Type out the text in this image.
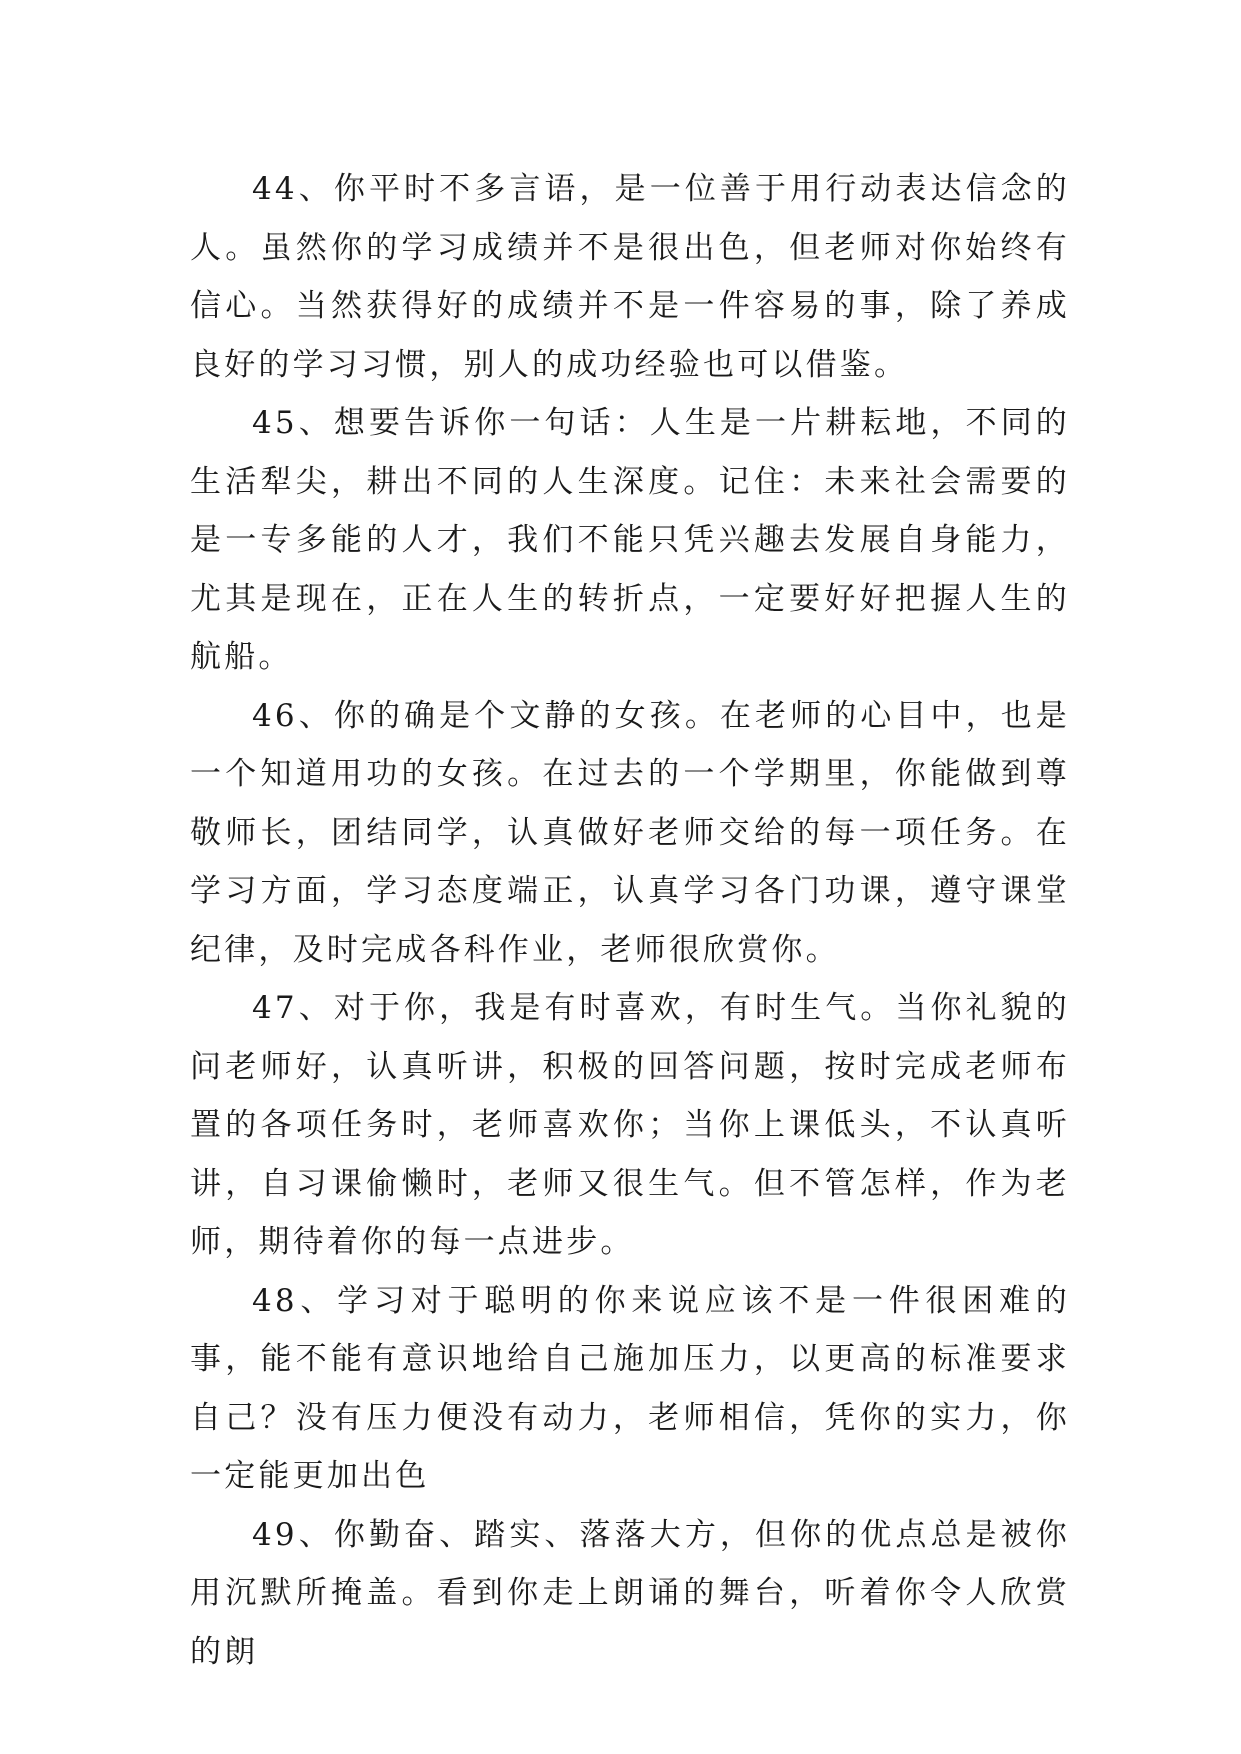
44、你平时不多言语，是一位善于用行动表达信念的人。虽然你的学习成绩并不是很出色，但老师对你始终有信心。当然获得好的成绩并不是一件容易的事，除了养成良好的学习习惯，别人的成功经验也可以借鉴。

45、想要告诉你一句话：人生是一片耕耘地，不同的生活犁尖，耕出不同的人生深度。记住：未来社会需要的是一专多能的人才，我们不能只凭兴趣去发展自身能力，尤其是现在，正在人生的转折点，一定要好好把握人生的航船。

46、你的确是个文静的女孩。在老师的心目中，也是一个知道用功的女孩。在过去的一个学期里，你能做到尊敬师长，团结同学，认真做好老师交给的每一项任务。在学习方面，学习态度端正，认真学习各门功课，遵守课堂纪律，及时完成各科作业，老师很欣赏你。

47、对于你，我是有时喜欢，有时生气。当你礼貌的问老师好，认真听讲，积极的回答问题，按时完成老师布置的各项任务时，老师喜欢你；当你上课低头，不认真听讲，自习课偷懒时，老师又很生气。但不管怎样，作为老师，期待着你的每一点进步。

48、学习对于聪明的你来说应该不是一件很困难的事，能不能有意识地给自己施加压力，以更高的标准要求自己？没有压力便没有动力，老师相信，凭你的实力，你一定能更加出色

49、你勤奋、踏实、落落大方，但你的优点总是被你用沉默所掩盖。看到你走上朗诵的舞台，听着你令人欣赏的朗
